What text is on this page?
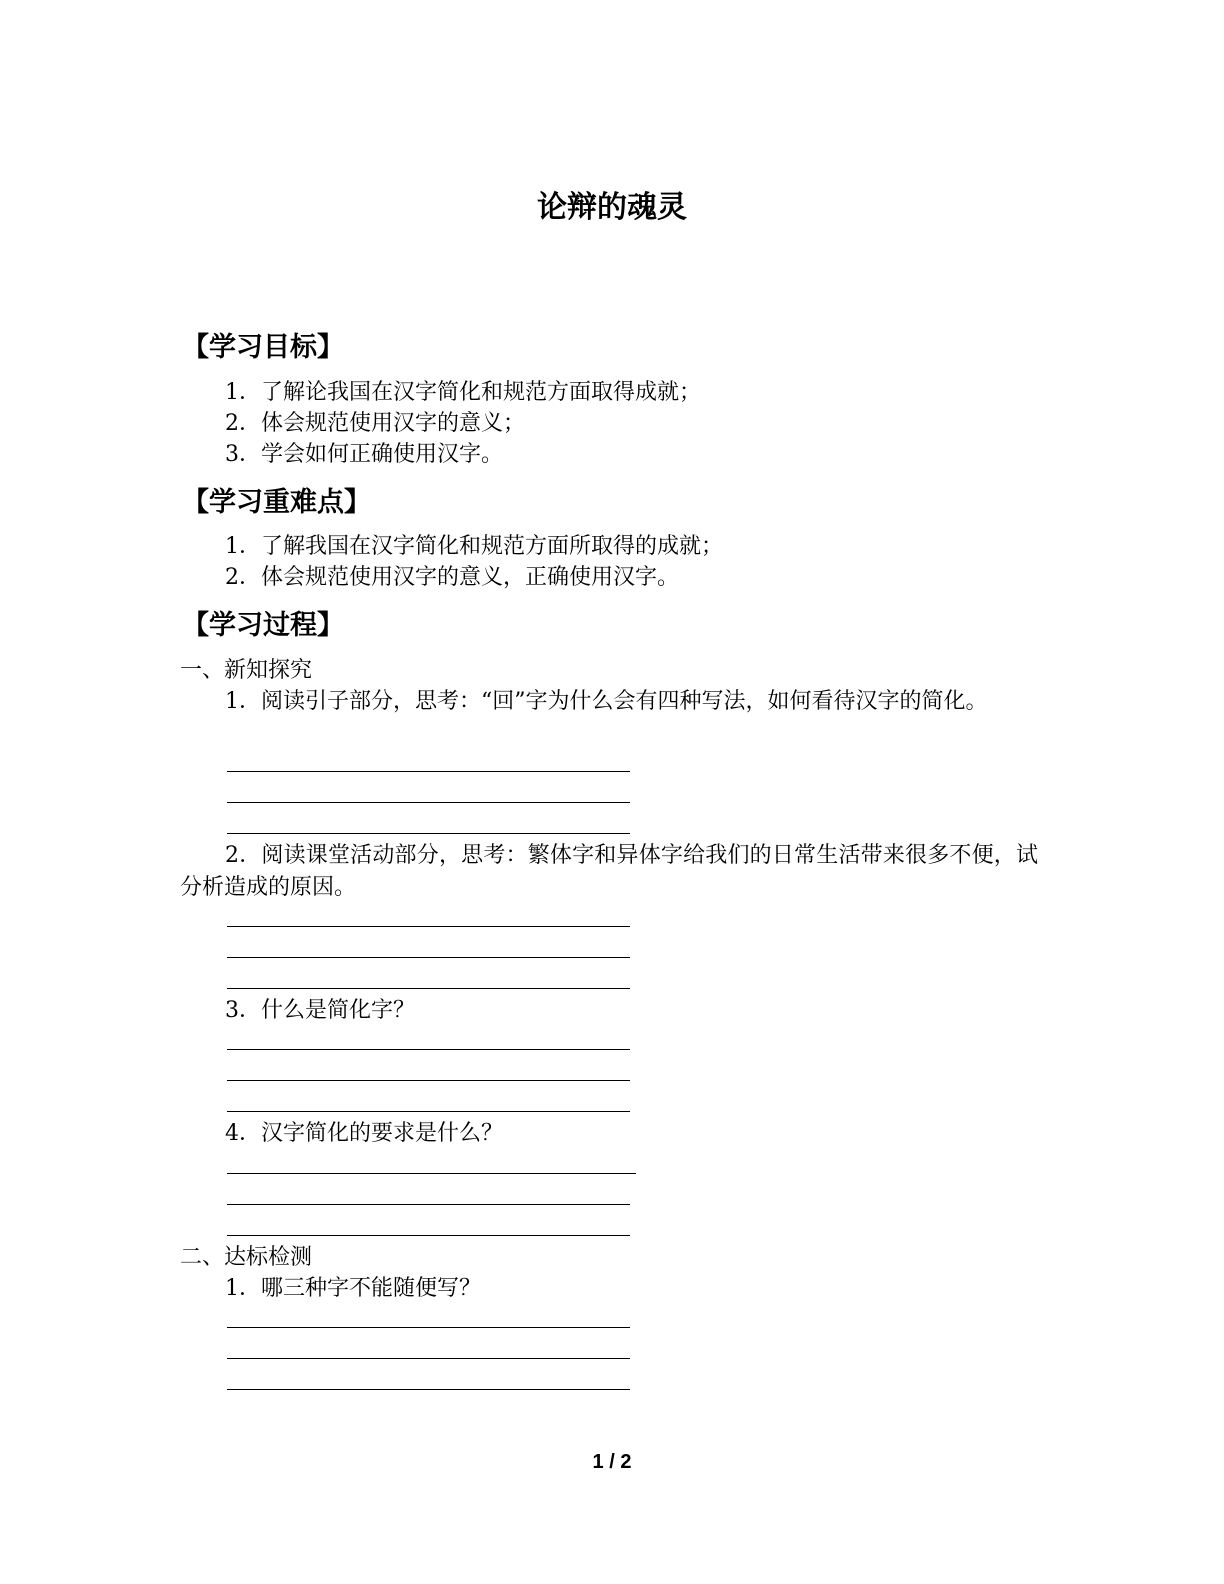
论辩的魂灵
【学习目标】
1．了解论我国在汉字简化和规范方面取得成就；
2．体会规范使用汉字的意义；
3．学会如何正确使用汉字。
【学习重难点】
1．了解我国在汉字简化和规范方面所取得的成就；
2．体会规范使用汉字的意义，正确使用汉字。
【学习过程】
一、新知探究
1．阅读引子部分，思考：“回”字为什么会有四种写法，如何看待汉字的简化。
2．阅读课堂活动部分，思考：繁体字和异体字给我们的日常生活带来很多不便，试分析造成的原因。
3．什么是简化字？
4．汉字简化的要求是什么？
二、达标检测
1．哪三种字不能随便写？
1 / 2
